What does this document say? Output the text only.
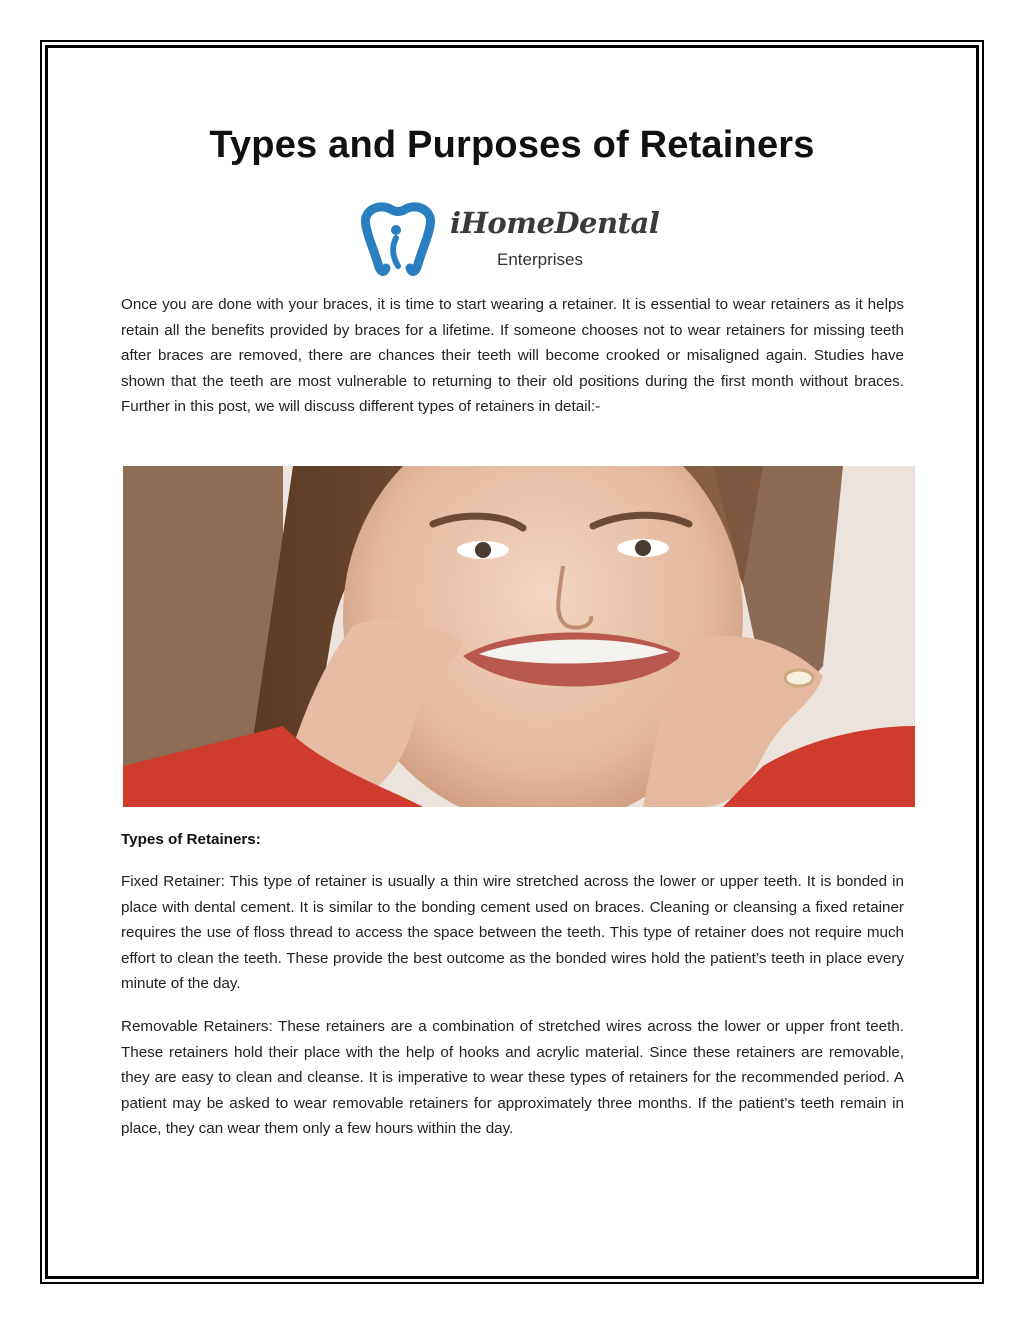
Types and Purposes of Retainers
iHomeDental
Enterprises

Once you are done with your braces, it is time to start wearing a retainer. It is essential to wear retainers as it helps retain all the benefits provided by braces for a lifetime. If someone chooses not to wear retainers for missing teeth after braces are removed, there are chances their teeth will become crooked or misaligned again. Studies have shown that the teeth are most vulnerable to returning to their old positions during the first month without braces. Further in this post, we will discuss different types of retainers in detail:-

Types of Retainers:

Fixed Retainer: This type of retainer is usually a thin wire stretched across the lower or upper teeth. It is bonded in place with dental cement. It is similar to the bonding cement used on braces. Cleaning or cleansing a fixed retainer requires the use of floss thread to access the space between the teeth. This type of retainer does not require much effort to clean the teeth. These provide the best outcome as the bonded wires hold the patient’s teeth in place every minute of the day.

Removable Retainers: These retainers are a combination of stretched wires across the lower or upper front teeth. These retainers hold their place with the help of hooks and acrylic material. Since these retainers are removable, they are easy to clean and cleanse. It is imperative to wear these types of retainers for the recommended period. A patient may be asked to wear removable retainers for approximately three months. If the patient’s teeth remain in place, they can wear them only a few hours within the day.
